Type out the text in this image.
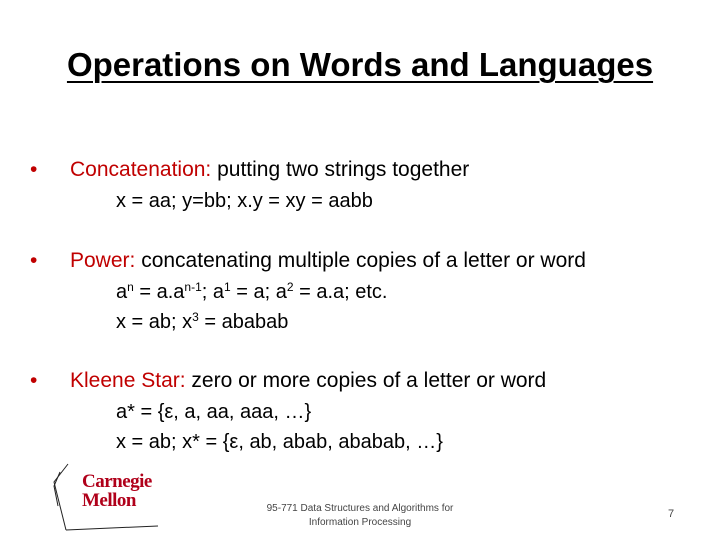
Operations on Words and Languages
• Concatenation: putting two strings together
x = aa; y=bb; x.y = xy = aabb
• Power: concatenating multiple copies of a letter or word
$a^n = a.a^{n-1}$; $a^1 = a$; $a^2 = a.a$; etc.
x = ab; $x^3$ = ababab
• Kleene Star: zero or more copies of a letter or word
a* = {ε, a, aa, aaa, …}
x = ab; x* = {ε, ab, abab, ababab, …}
Carnegie
Mellon	95-771 Data Structures and Algorithms for
Information Processing
7
